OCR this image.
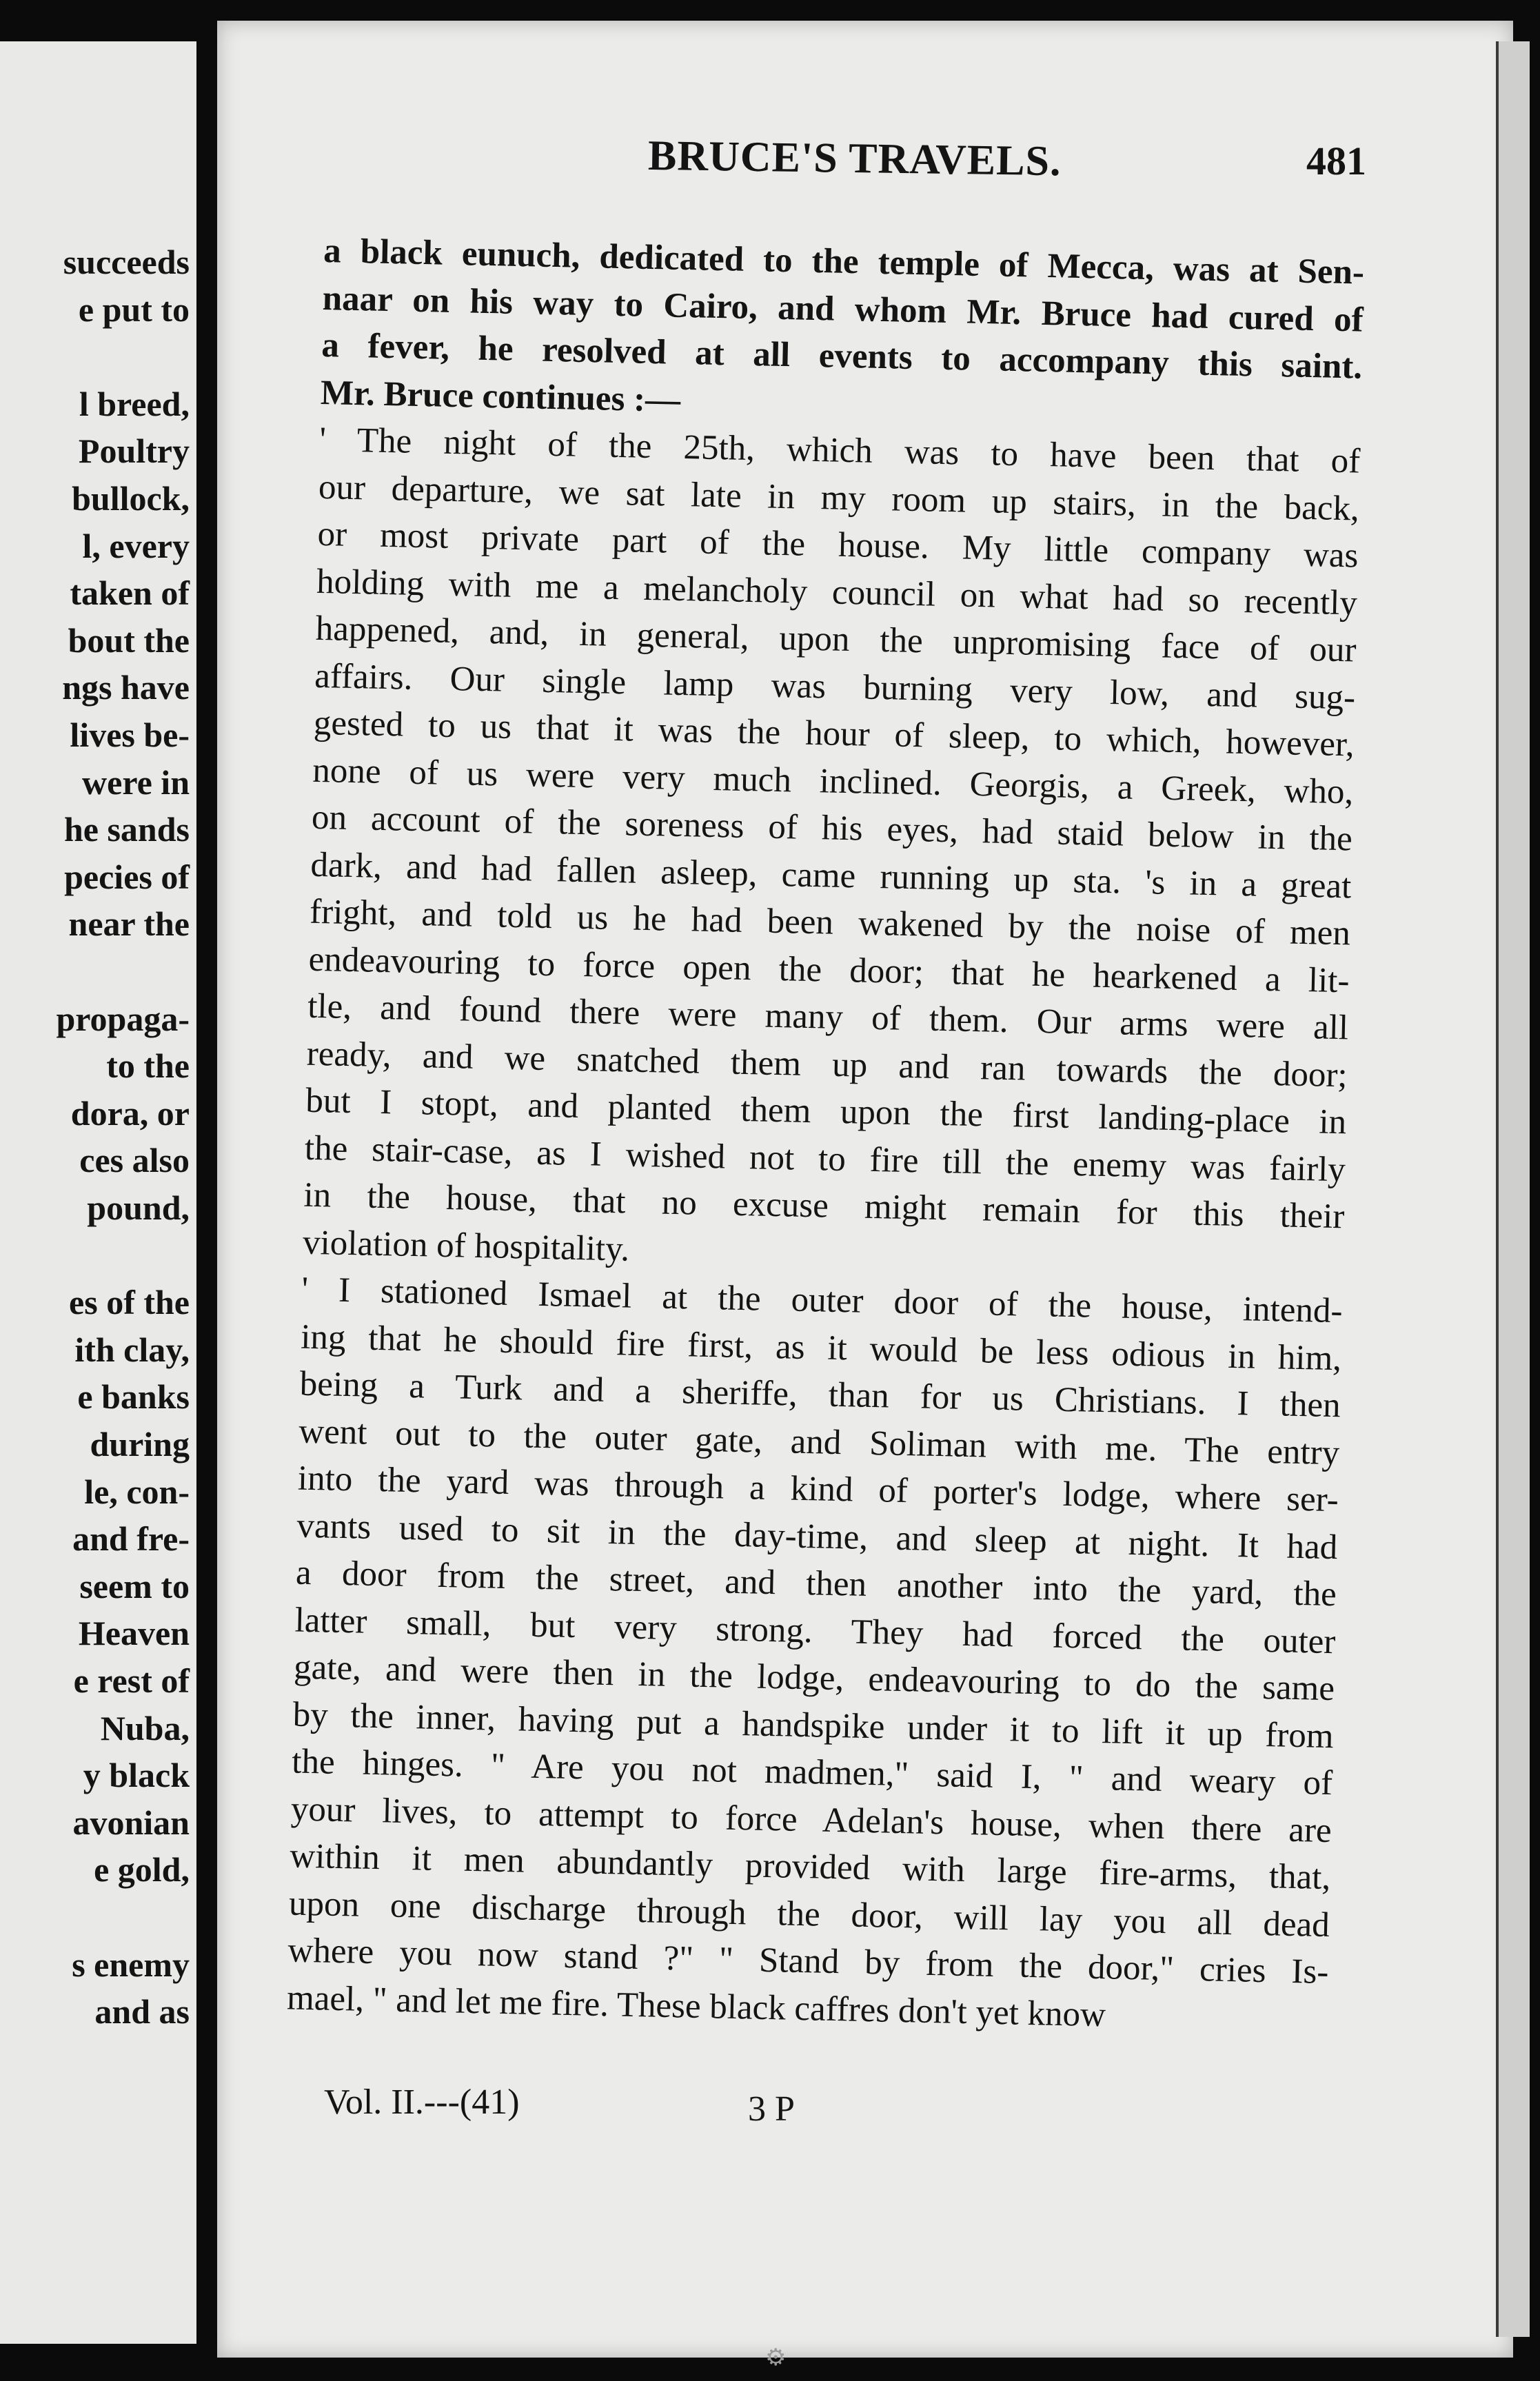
succeeds
e put to
l breed,
Poultry
bullock,
l, every
taken of
bout the
ngs have
lives be-
were in
he sands
pecies of
near the
propaga-
to the
dora, or
ces also
pound,
es of the
ith clay,
e banks
during
le, con-
and fre-
seem to
Heaven
e rest of
Nuba,
y black
avonian
e gold,
s enemy
and as
BRUCE'S TRAVELS.	481
a black eunuch, dedicated to the temple of Mecca, was at Sen-
naar on his way to Cairo, and whom Mr. Bruce had cured of
a fever, he resolved at all events to accompany this saint.
Mr. Bruce continues :—
' The night of the 25th, which was to have been that of
our departure, we sat late in my room up stairs, in the back,
or most private part of the house. My little company was
holding with me a melancholy council on what had so recently
happened, and, in general, upon the unpromising face of our
affairs. Our single lamp was burning very low, and sug-
gested to us that it was the hour of sleep, to which, however,
none of us were very much inclined. Georgis, a Greek, who,
on account of the soreness of his eyes, had staid below in the
dark, and had fallen asleep, came running up sta. 's in a great
fright, and told us he had been wakened by the noise of men
endeavouring to force open the door; that he hearkened a lit-
tle, and found there were many of them. Our arms were all
ready, and we snatched them up and ran towards the door;
but I stopt, and planted them upon the first landing-place in
the stair-case, as I wished not to fire till the enemy was fairly
in the house, that no excuse might remain for this their
violation of hospitality.
' I stationed Ismael at the outer door of the house, intend-
ing that he should fire first, as it would be less odious in him,
being a Turk and a sheriffe, than for us Christians. I then
went out to the outer gate, and Soliman with me. The entry
into the yard was through a kind of porter's lodge, where ser-
vants used to sit in the day-time, and sleep at night. It had
a door from the street, and then another into the yard, the
latter small, but very strong. They had forced the outer
gate, and were then in the lodge, endeavouring to do the same
by the inner, having put a handspike under it to lift it up from
the hinges. " Are you not madmen," said I, " and weary of
your lives, to attempt to force Adelan's house, when there are
within it men abundantly provided with large fire-arms, that,
upon one discharge through the door, will lay you all dead
where you now stand ?" " Stand by from the door," cries Is-
mael, " and let me fire. These black caffres don't yet know
Vol. II.---(41)	3 P
⚙
